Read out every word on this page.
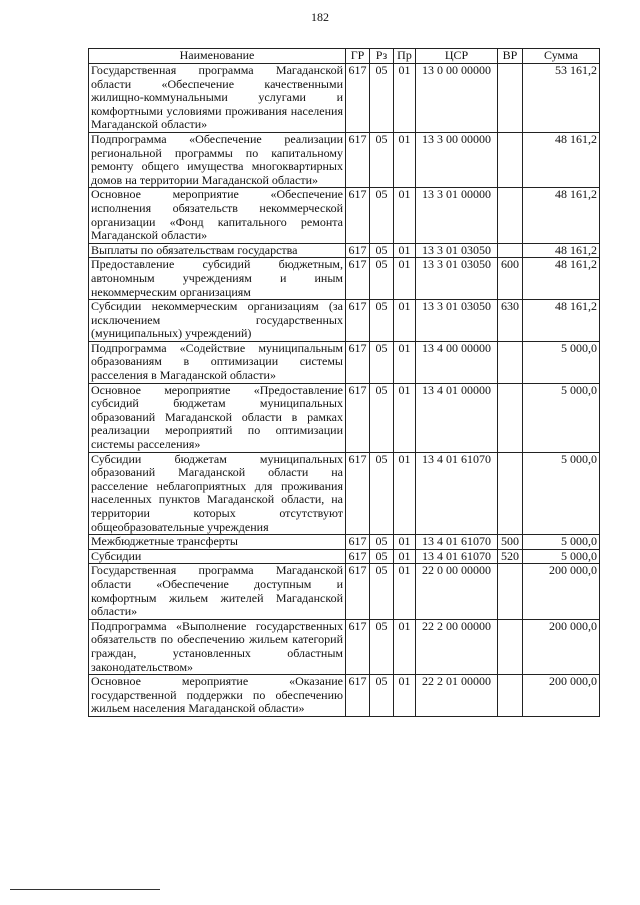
182
Наименование	ГР	Рз	Пр	ЦСР	ВР	Сумма
Государственная программа Магаданской области «Обеспечение качественными жилищно-коммунальными услугами и комфортными условиями проживания населения Магаданской области»	617	05	01	13 0 00 00000		53 161,2
Подпрограмма «Обеспечение реализации региональной программы по капитальному ремонту общего имущества многоквартирных домов на территории Магаданской области»	617	05	01	13 3 00 00000		48 161,2
Основное мероприятие «Обеспечение исполнения обязательств некоммерческой организации «Фонд капитального ремонта Магаданской области»	617	05	01	13 3 01 00000		48 161,2
Выплаты по обязательствам государства	617	05	01	13 3 01 03050		48 161,2
Предоставление субсидий бюджетным, автономным учреждениям и иным некоммерческим организациям	617	05	01	13 3 01 03050	600	48 161,2
Субсидии некоммерческим организациям (за исключением государственных (муниципальных) учреждений)	617	05	01	13 3 01 03050	630	48 161,2
Подпрограмма «Содействие муниципальным образованиям в оптимизации системы расселения в Магаданской области»	617	05	01	13 4 00 00000		5 000,0
Основное мероприятие «Предоставление субсидий бюджетам муниципальных образований Магаданской области в рамках реализации мероприятий по оптимизации системы расселения»	617	05	01	13 4 01 00000		5 000,0
Субсидии бюджетам муниципальных образований Магаданской области на расселение неблагоприятных для проживания населенных пунктов Магаданской области, на территории которых отсутствуют общеобразовательные учреждения	617	05	01	13 4 01 61070		5 000,0
Межбюджетные трансферты	617	05	01	13 4 01 61070	500	5 000,0
Субсидии	617	05	01	13 4 01 61070	520	5 000,0
Государственная программа Магаданской области «Обеспечение доступным и комфортным жильем жителей Магаданской области»	617	05	01	22 0 00 00000		200 000,0
Подпрограмма «Выполнение государственных обязательств по обеспечению жильем категорий граждан, установленных областным законодательством»	617	05	01	22 2 00 00000		200 000,0
Основное мероприятие «Оказание государственной поддержки по обеспечению жильем населения Магаданской области»	617	05	01	22 2 01 00000		200 000,0
